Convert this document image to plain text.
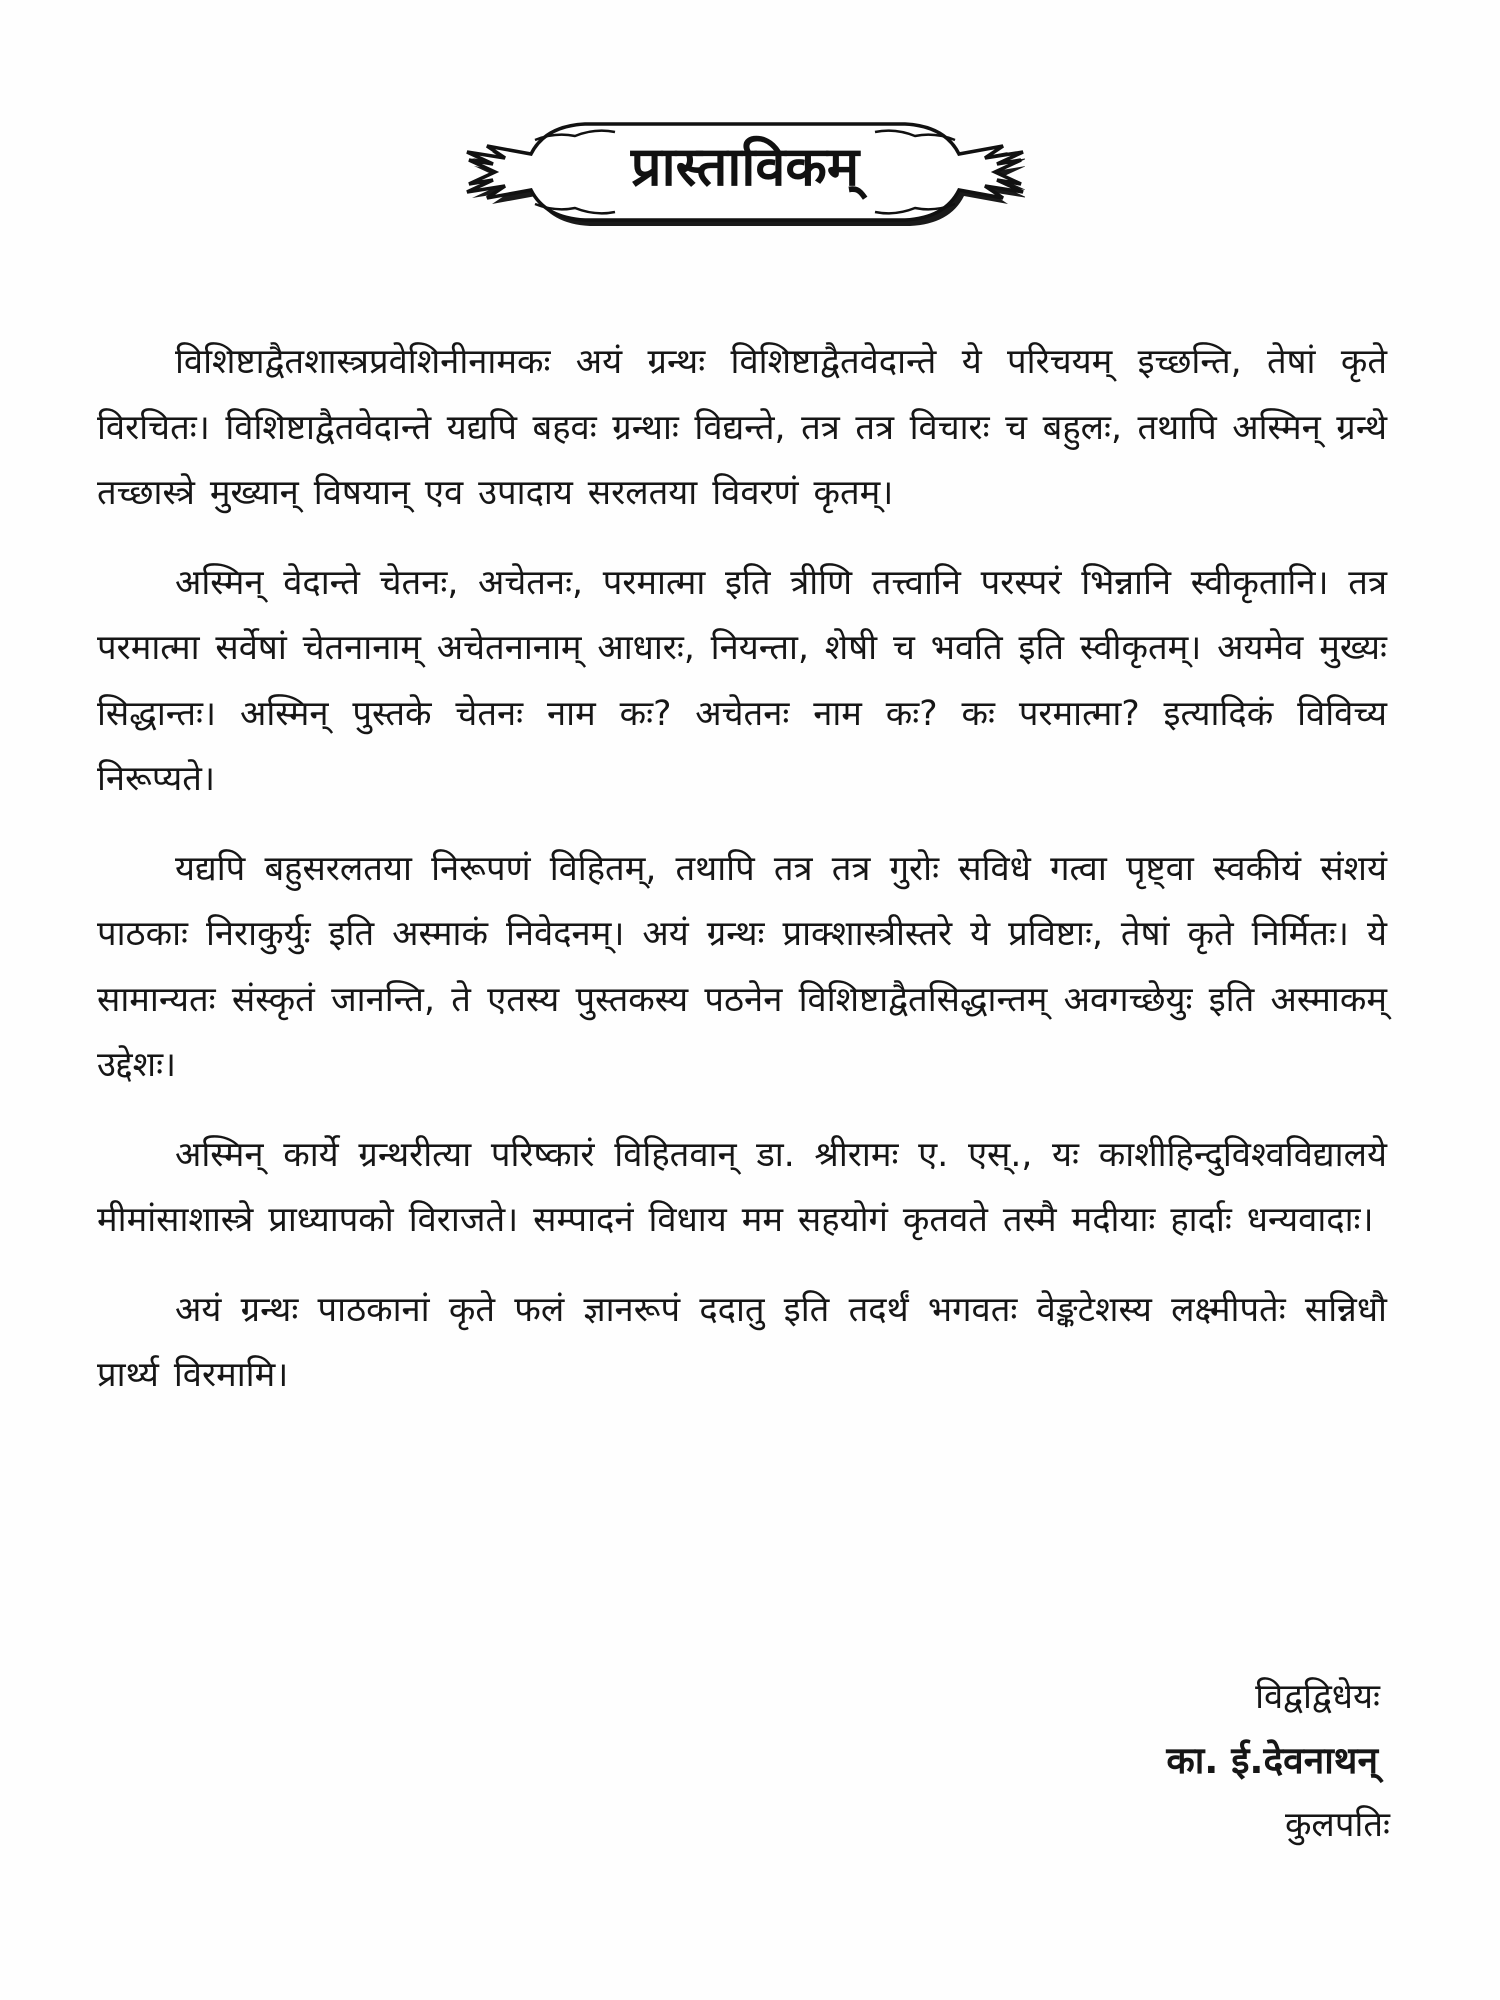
प्रास्ताविकम्

विशिष्टाद्वैतशास्त्रप्रवेशिनीनामकः अयं ग्रन्थः विशिष्टाद्वैतवेदान्ते ये परिचयम् इच्छन्ति, तेषां कृते विरचितः। विशिष्टाद्वैतवेदान्ते यद्यपि बहवः ग्रन्थाः विद्यन्ते, तत्र तत्र विचारः च बहुलः, तथापि अस्मिन् ग्रन्थे तच्छास्त्रे मुख्यान् विषयान् एव उपादाय सरलतया विवरणं कृतम्।

अस्मिन् वेदान्ते चेतनः, अचेतनः, परमात्मा इति त्रीणि तत्त्वानि परस्परं भिन्नानि स्वीकृतानि। तत्र परमात्मा सर्वेषां चेतनानाम् अचेतनानाम् आधारः, नियन्ता, शेषी च भवति इति स्वीकृतम्। अयमेव मुख्यः सिद्धान्तः। अस्मिन् पुस्तके चेतनः नाम कः? अचेतनः नाम कः? कः परमात्मा? इत्यादिकं विविच्य निरूप्यते।

यद्यपि बहुसरलतया निरूपणं विहितम्, तथापि तत्र तत्र गुरोः सविधे गत्वा पृष्ट्वा स्वकीयं संशयं पाठकाः निराकुर्युः इति अस्माकं निवेदनम्। अयं ग्रन्थः प्राक्शास्त्रीस्तरे ये प्रविष्टाः, तेषां कृते निर्मितः। ये सामान्यतः संस्कृतं जानन्ति, ते एतस्य पुस्तकस्य पठनेन विशिष्टाद्वैतसिद्धान्तम् अवगच्छेयुः इति अस्माकम् उद्देशः।

अस्मिन् कार्ये ग्रन्थरीत्या परिष्कारं विहितवान् डा. श्रीरामः ए. एस्., यः काशीहिन्दुविश्वविद्यालये मीमांसाशास्त्रे प्राध्यापको विराजते। सम्पादनं विधाय मम सहयोगं कृतवते तस्मै मदीयाः हार्दाः धन्यवादाः।

अयं ग्रन्थः पाठकानां कृते फलं ज्ञानरूपं ददातु इति तदर्थं भगवतः वेङ्कटेशस्य लक्ष्मीपतेः सन्निधौ प्रार्थ्य विरमामि।

विद्वद्विधेयः
का. ई.देवनाथन्
कुलपतिः
